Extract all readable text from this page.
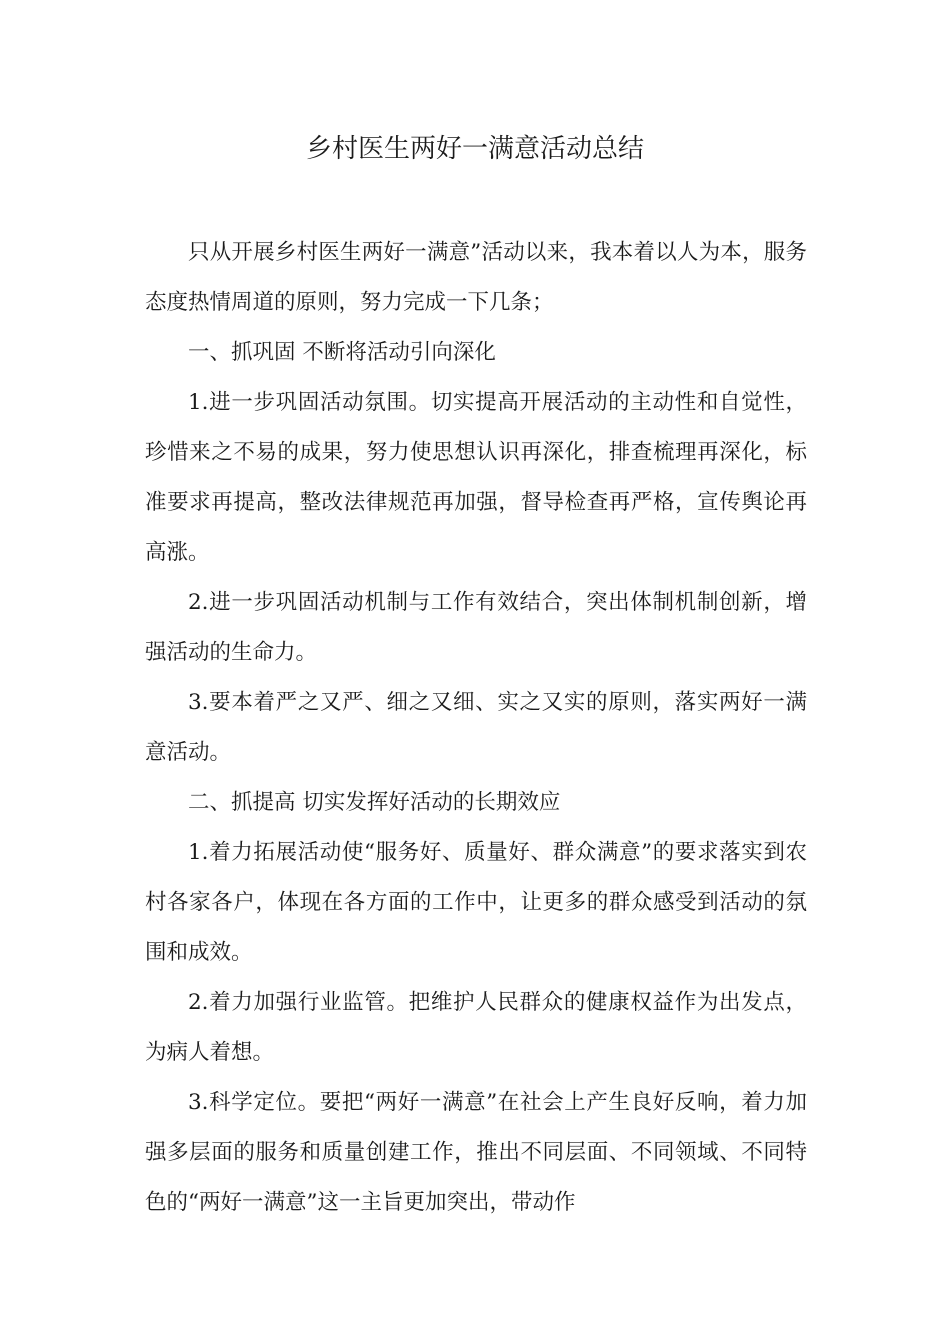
乡村医生两好一满意活动总结

只从开展乡村医生两好一满意”活动以来，我本着以人为本，服务态度热情周道的原则，努力完成一下几条；

一、抓巩固 不断将活动引向深化

1.进一步巩固活动氛围。切实提高开展活动的主动性和自觉性，珍惜来之不易的成果，努力使思想认识再深化，排查梳理再深化，标准要求再提高，整改法律规范再加强，督导检查再严格，宣传舆论再高涨。

2.进一步巩固活动机制与工作有效结合，突出体制机制创新，增强活动的生命力。

3.要本着严之又严、细之又细、实之又实的原则，落实两好一满意活动。

二、抓提高 切实发挥好活动的长期效应

1.着力拓展活动使“服务好、质量好、群众满意”的要求落实到农村各家各户，体现在各方面的工作中，让更多的群众感受到活动的氛围和成效。

2.着力加强行业监管。把维护人民群众的健康权益作为出发点，为病人着想。

3.科学定位。要把“两好一满意”在社会上产生良好反响，着力加强多层面的服务和质量创建工作，推出不同层面、不同领域、不同特色的“两好一满意”这一主旨更加突出，带动作
